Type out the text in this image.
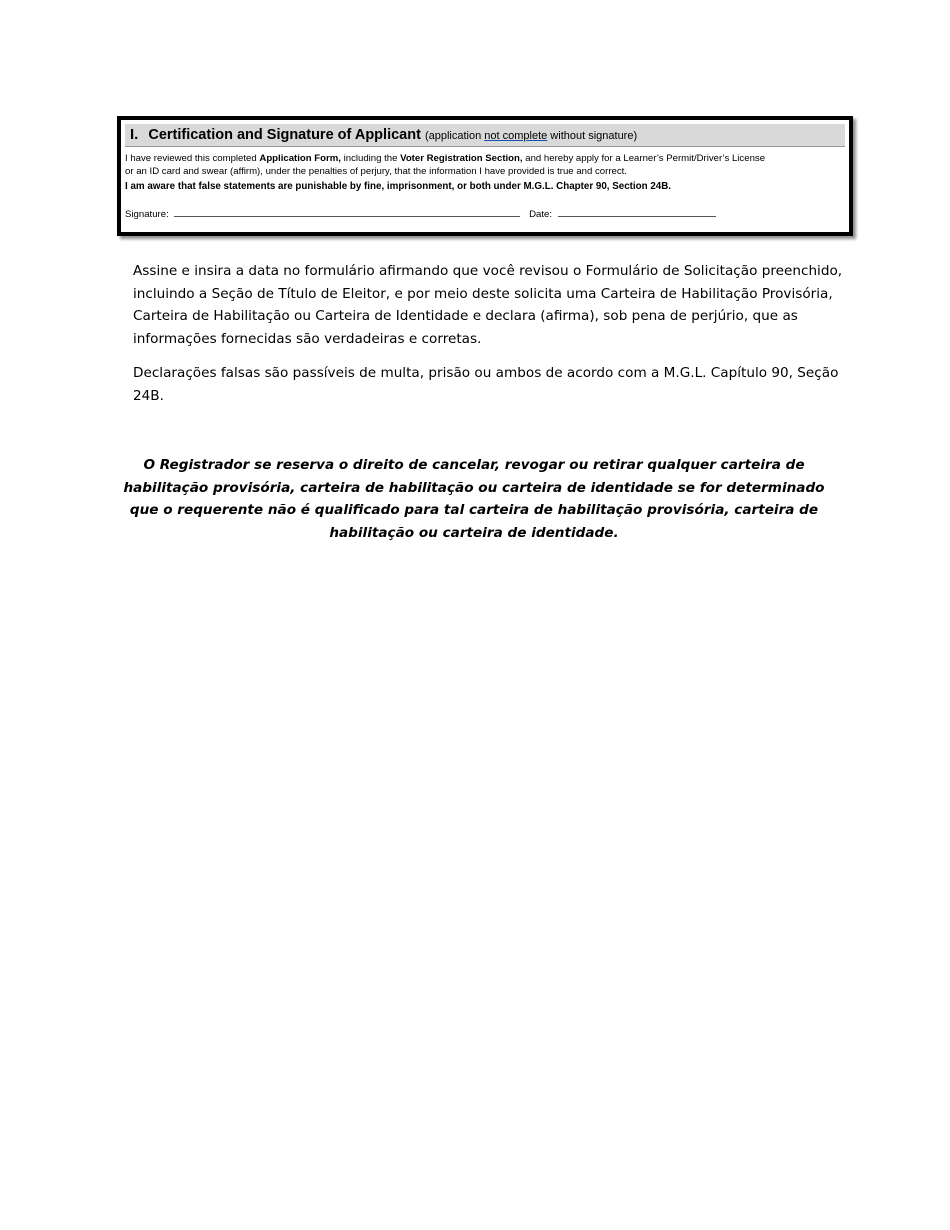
I. Certification and Signature of Applicant (application not complete without signature)

I have reviewed this completed Application Form, including the Voter Registration Section, and hereby apply for a Learner’s Permit/Driver’s License

or an ID card and swear (affirm), under the penalties of perjury, that the information I have provided is true and correct.

I am aware that false statements are punishable by fine, imprisonment, or both under M.G.L. Chapter 90, Section 24B.

Signature:	Date:

Assine e insira a data no formulário afirmando que você revisou o Formulário de Solicitação preenchido, incluindo a Seção de Título de Eleitor, e por meio deste solicita uma Carteira de Habilitação Provisória, Carteira de Habilitação ou Carteira de Identidade e declara (afirma), sob pena de perjúrio, que as informações fornecidas são verdadeiras e corretas.

Declarações falsas são passíveis de multa, prisão ou ambos de acordo com a M.G.L. Capítulo 90, Seção 24B.

O Registrador se reserva o direito de cancelar, revogar ou retirar qualquer carteira de habilitação provisória, carteira de habilitação ou carteira de identidade se for determinado que o requerente não é qualificado para tal carteira de habilitação provisória, carteira de habilitação ou carteira de identidade.
